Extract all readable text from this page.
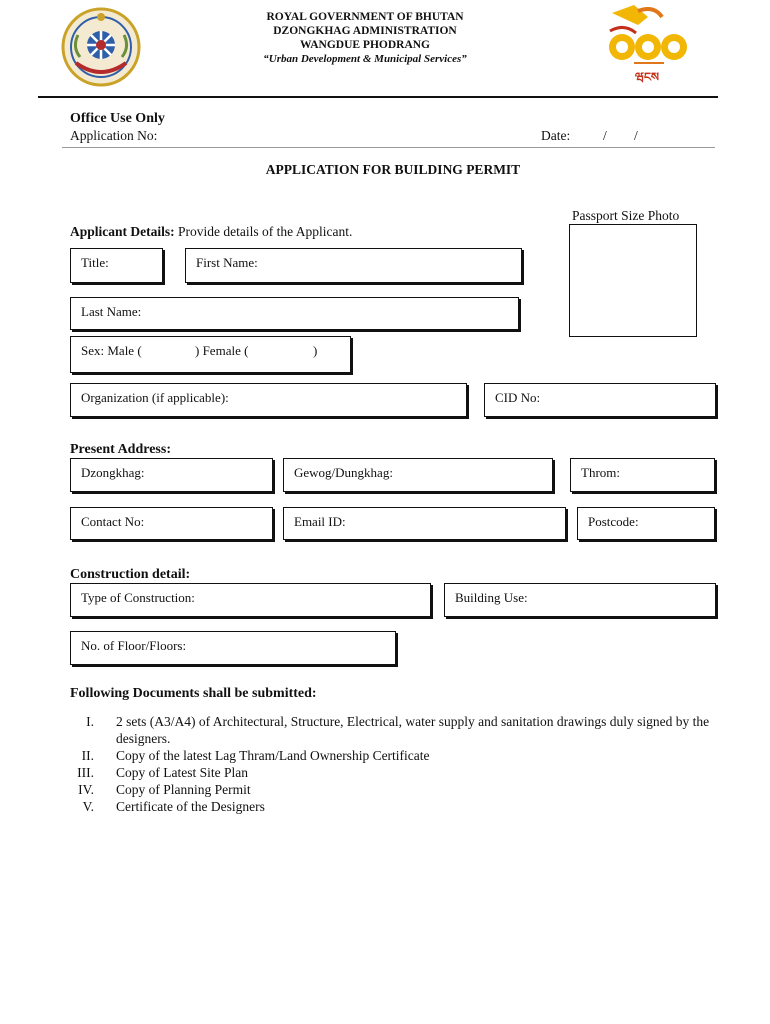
ROYAL GOVERNMENT OF BHUTAN
DZONGKHAG ADMINISTRATION
WANGDUE PHODRANG
“Urban Development & Municipal Services”
ཝངས
Office Use Only
Application No:	Date: / /
APPLICATION FOR BUILDING PERMIT
Applicant Details: Provide details of the Applicant.
Passport Size Photo
Title:	First Name:
Last Name:
Sex: Male (	) Female (	)
Organization (if applicable):	CID No:
Present Address:
Dzongkhag:	Gewog/Dungkhag:	Throm:
Contact No:	Email ID:	Postcode:
Construction detail:
Type of Construction:	Building Use:
No. of Floor/Floors:
Following Documents shall be submitted:
I. 2 sets (A3/A4) of Architectural, Structure, Electrical, water supply and sanitation drawings duly signed by the designers.
II. Copy of the latest Lag Thram/Land Ownership Certificate
III. Copy of Latest Site Plan
IV. Copy of Planning Permit
V. Certificate of the Designers
